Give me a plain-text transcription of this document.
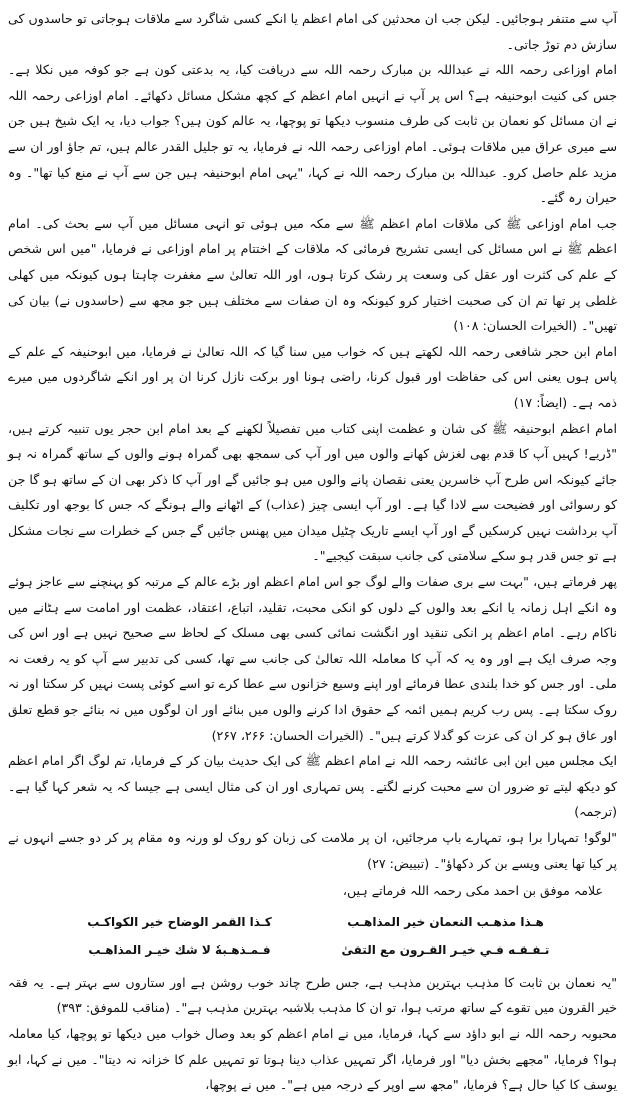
آپ سے متنفر ہوجائیں۔ لیکن جب ان محدثین کی امام اعظم یا انکے کسی شاگرد سے ملاقات ہوجاتی تو حاسدوں کی سازش دم توڑ جاتی۔

امام اوزاعی رحمہ اللہ نے عبداللہ بن مبارک رحمہ اللہ سے دریافت کیا، یہ بدعتی کون ہے جو کوفہ میں نکلا ہے۔ جس کی کنیت ابوحنیفہ ہے؟ اس پر آپ نے انہیں امام اعظم کے کچھ مشکل مسائل دکھائے۔ امام اوزاعی رحمہ اللہ نے ان مسائل کو نعمان بن ثابت کی طرف منسوب دیکھا تو پوچھا، یہ عالم کون ہیں؟ جواب دیا، یہ ایک شیخ ہیں جن سے میری عراق میں ملاقات ہوئی۔ امام اوزاعی رحمہ اللہ نے فرمایا، یہ تو جلیل القدر عالم ہیں، تم جاؤ اور ان سے مزید علم حاصل کرو۔ عبداللہ بن مبارک رحمہ اللہ نے کہا، "یہی امام ابوحنیفہ ہیں جن سے آپ نے منع کیا تھا"۔ وہ حیران رہ گئے۔

جب امام اوزاعی ﷺ کی ملاقات امام اعظم ﷺ سے مکہ میں ہوئی تو انہی مسائل میں آپ سے بحث کی۔ امام اعظم ﷺ نے اس مسائل کی ایسی تشریح فرمائی کہ ملاقات کے اختتام پر امام اوزاعی نے فرمایا، "میں اس شخص کے علم کی کثرت اور عقل کی وسعت پر رشک کرتا ہوں، اور اللہ تعالیٰ سے مغفرت چاہتا ہوں کیونکہ میں کھلی غلطی پر تھا تم ان کی صحبت اختیار کرو کیونکہ وہ ان صفات سے مختلف ہیں جو مجھ سے (حاسدوں نے) بیان کی تھیں"۔ (الخیرات الحسان: ۱۰۸)

امام ابن حجر شافعی رحمہ اللہ لکھتے ہیں کہ خواب میں سنا گیا کہ اللہ تعالیٰ نے فرمایا، میں ابوحنیفہ کے علم کے پاس ہوں یعنی اس کی حفاظت اور قبول کرنا، راضی ہونا اور برکت نازل کرنا ان پر اور انکے شاگردوں میں میرے ذمہ ہے۔ (ایضاً: ۱۷)

امام اعظم ابوحنیفہ ﷺ کی شان و عظمت اپنی کتاب میں تفصیلاً لکھنے کے بعد امام ابن حجر یوں تنبیہ کرتے ہیں، "ڈریے! کہیں آپ کا قدم بھی لغزش کھانے والوں میں اور آپ کی سمجھ بھی گمراہ ہونے والوں کے ساتھ گمراہ نہ ہو جائے کیونکہ اس طرح آپ خاسرین یعنی نقصان پانے والوں میں ہو جائیں گے اور آپ کا ذکر بھی ان کے ساتھ ہو گا جن کو رسوائی اور فضیحت سے لادا گیا ہے۔ اور آپ ایسی چیز (عذاب) کے اٹھانے والے ہونگے کہ جس کا بوجھ اور تکلیف آپ برداشت نہیں کرسکیں گے اور آپ ایسے تاریک چٹیل میدان میں پھنس جائیں گے جس کے خطرات سے نجات مشکل ہے تو جس قدر ہو سکے سلامتی کی جانب سبقت کیجیے"۔

پھر فرماتے ہیں، "بہت سے بری صفات والے لوگ جو اس امام اعظم اور بڑے عالم کے مرتبہ کو پہنچنے سے عاجز ہوئے وہ انکے اہل زمانہ یا انکے بعد والوں کے دلوں کو انکی محبت، تقلید، اتباع، اعتقاد، عظمت اور امامت سے ہٹانے میں ناکام رہے۔ امام اعظم پر انکی تنقید اور انگشت نمائی کسی بھی مسلک کے لحاظ سے صحیح نہیں ہے اور اس کی وجہ صرف ایک ہے اور وہ یہ کہ آپ کا معاملہ اللہ تعالیٰ کی جانب سے تھا، کسی کی تدبیر سے آپ کو یہ رفعت نہ ملی۔ اور جس کو خدا بلندی عطا فرمائے اور اپنے وسیع خزانوں سے عطا کرے تو اسے کوئی پست نہیں کر سکتا اور نہ روک سکتا ہے۔ پس رب کریم ہمیں ائمہ کے حقوق ادا کرنے والوں میں بنائے اور ان لوگوں میں نہ بنائے جو قطع تعلق اور عاق ہو کر ان کی عزت کو گدلا کرتے ہیں"۔ (الخیرات الحسان: ۲۶۶، ۲۶۷)

ایک مجلس میں ابن ابی عائشہ رحمہ اللہ نے امام اعظم ﷺ کی ایک حدیث بیان کر کے فرمایا، تم لوگ اگر امام اعظم کو دیکھ لیتے تو ضرور ان سے محبت کرنے لگتے۔ پس تمہاری اور ان کی مثال ایسی ہے جیسا کہ یہ شعر کہا گیا ہے۔ (ترجمہ)

"لوگو! تمہارا برا ہو، تمہارے باپ مرجائیں، ان پر ملامت کی زبان کو روک لو ورنہ وہ مقام پر کر دو جسے انہوں نے پر کیا تھا یعنی ویسے بن کر دکھاؤ"۔ (تبییض: ۲۷)

علامہ موفق بن احمد مکی رحمہ اللہ فرماتے ہیں،
هـذا مذهـب النعمان خير المذاهـب
كـذا القمر الوضاح خير الكواكـب
تـفـقـه فـي خيـر القـرون مع التقىٰ
فـمـذهـبهٗ لا شك خيـر المذاهـب

"یہ نعمان بن ثابت کا مذہب بہترین مذہب ہے، جس طرح چاند خوب روشن ہے اور ستاروں سے بہتر ہے۔ یہ فقہ خیر القرون میں تقوے کے ساتھ مرتب ہوا، تو ان کا مذہب بلاشبہ بہترین مذہب ہے"۔ (مناقب للموفق: ۳۹۳)

محبوبہ رحمہ اللہ نے ابو داؤد سے کہا، فرمایا، میں نے امام اعظم کو بعد وصال خواب میں دیکھا تو پوچھا، کیا معاملہ ہوا؟ فرمایا، "مجھے بخش دیا" اور فرمایا، اگر تمہیں عذاب دینا ہوتا تو تمہیں علم کا خزانہ نہ دیتا"۔ میں نے کہا، ابو یوسف کا کیا حال ہے؟ فرمایا، "مجھ سے اوپر کے درجہ میں ہے"۔ میں نے پوچھا،
